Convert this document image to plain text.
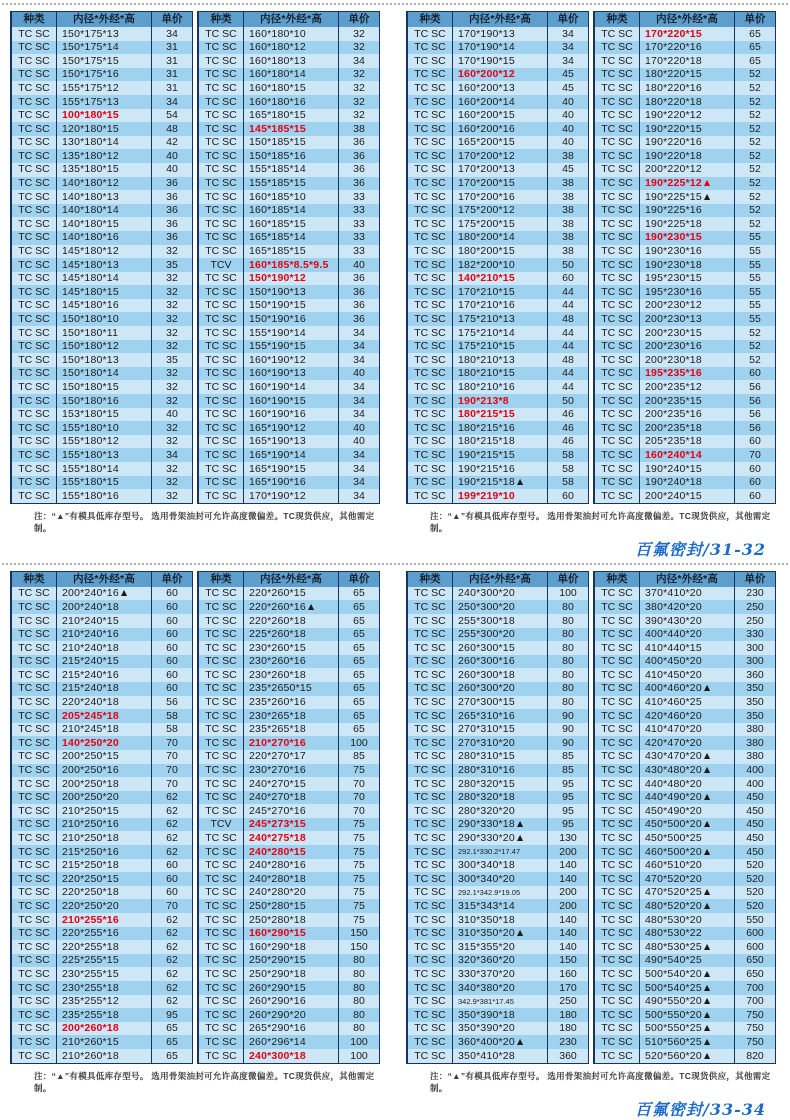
种类	内径*外经*高	单价
TC SC	150*175*13	34
TC SC	150*175*14	31
TC SC	150*175*15	31
TC SC	150*175*16	31
TC SC	155*175*12	31
TC SC	155*175*13	34
TC SC	100*180*15	54
TC SC	120*180*15	48
TC SC	130*180*14	42
TC SC	135*180*12	40
TC SC	135*180*15	40
TC SC	140*180*12	36
TC SC	140*180*13	36
TC SC	140*180*14	36
TC SC	140*180*15	36
TC SC	140*180*16	36
TC SC	145*180*12	32
TC SC	145*180*13	35
TC SC	145*180*14	32
TC SC	145*180*15	32
TC SC	145*180*16	32
TC SC	150*180*10	32
TC SC	150*180*11	32
TC SC	150*180*12	32
TC SC	150*180*13	35
TC SC	150*180*14	32
TC SC	150*180*15	32
TC SC	150*180*16	32
TC SC	153*180*15	40
TC SC	155*180*10	32
TC SC	155*180*12	32
TC SC	155*180*13	34
TC SC	155*180*14	32
TC SC	155*180*15	32
TC SC	155*180*16	32
种类	内径*外经*高	单价
TC SC	160*180*10	32
TC SC	160*180*12	32
TC SC	160*180*13	34
TC SC	160*180*14	32
TC SC	160*180*15	32
TC SC	160*180*16	32
TC SC	165*180*15	32
TC SC	145*185*15	38
TC SC	150*185*15	36
TC SC	150*185*16	36
TC SC	155*185*14	36
TC SC	155*185*15	36
TC SC	160*185*10	33
TC SC	160*185*14	33
TC SC	160*185*15	33
TC SC	165*185*14	33
TC SC	165*185*15	33
TCV	160*185*8.5*9.5	40
TC SC	150*190*12	36
TC SC	150*190*13	36
TC SC	150*190*15	36
TC SC	150*190*16	36
TC SC	155*190*14	34
TC SC	155*190*15	34
TC SC	160*190*12	34
TC SC	160*190*13	40
TC SC	160*190*14	34
TC SC	160*190*15	34
TC SC	160*190*16	34
TC SC	165*190*12	40
TC SC	165*190*13	40
TC SC	165*190*14	34
TC SC	165*190*15	34
TC SC	165*190*16	34
TC SC	170*190*12	34
注：“▲”有模具低库存型号。 选用骨架油封可允许高度微偏差。TC现货供应，其他需定制。
种类	内径*外经*高	单价
TC SC	170*190*13	34
TC SC	170*190*14	34
TC SC	170*190*15	34
TC SC	160*200*12	45
TC SC	160*200*13	45
TC SC	160*200*14	40
TC SC	160*200*15	40
TC SC	160*200*16	40
TC SC	165*200*15	40
TC SC	170*200*12	38
TC SC	170*200*13	45
TC SC	170*200*15	38
TC SC	170*200*16	38
TC SC	175*200*12	38
TC SC	175*200*15	38
TC SC	180*200*14	38
TC SC	180*200*15	38
TC SC	182*200*10	50
TC SC	140*210*15	60
TC SC	170*210*15	44
TC SC	170*210*16	44
TC SC	175*210*13	48
TC SC	175*210*14	44
TC SC	175*210*15	44
TC SC	180*210*13	48
TC SC	180*210*15	44
TC SC	180*210*16	44
TC SC	190*213*8	50
TC SC	180*215*15	46
TC SC	180*215*16	46
TC SC	180*215*18	46
TC SC	190*215*15	58
TC SC	190*215*16	58
TC SC	190*215*18▲	58
TC SC	199*219*10	60
种类	内径*外经*高	单价
TC SC	170*220*15	65
TC SC	170*220*16	65
TC SC	170*220*18	65
TC SC	180*220*15	52
TC SC	180*220*16	52
TC SC	180*220*18	52
TC SC	190*220*12	52
TC SC	190*220*15	52
TC SC	190*220*16	52
TC SC	190*220*18	52
TC SC	200*220*12	52
TC SC	190*225*12▲	52
TC SC	190*225*15▲	52
TC SC	190*225*16	52
TC SC	190*225*18	52
TC SC	190*230*15	55
TC SC	190*230*16	55
TC SC	190*230*18	55
TC SC	195*230*15	55
TC SC	195*230*16	55
TC SC	200*230*12	55
TC SC	200*230*13	55
TC SC	200*230*15	52
TC SC	200*230*16	52
TC SC	200*230*18	52
TC SC	195*235*16	60
TC SC	200*235*12	56
TC SC	200*235*15	56
TC SC	200*235*16	56
TC SC	200*235*18	56
TC SC	205*235*18	60
TC SC	160*240*14	70
TC SC	190*240*15	60
TC SC	190*240*18	60
TC SC	200*240*15	60
注：“▲”有模具低库存型号。 选用骨架油封可允许高度微偏差。TC现货供应，其他需定制。
百氟密封/31-32
种类	内径*外经*高	单价
TC SC	200*240*16▲	60
TC SC	200*240*18	60
TC SC	210*240*15	60
TC SC	210*240*16	60
TC SC	210*240*18	60
TC SC	215*240*15	60
TC SC	215*240*16	60
TC SC	215*240*18	60
TC SC	220*240*18	56
TC SC	205*245*18	58
TC SC	210*245*18	58
TC SC	140*250*20	70
TC SC	200*250*15	70
TC SC	200*250*16	70
TC SC	200*250*18	70
TC SC	200*250*20	62
TC SC	210*250*15	62
TC SC	210*250*16	62
TC SC	210*250*18	62
TC SC	215*250*16	62
TC SC	215*250*18	60
TC SC	220*250*15	60
TC SC	220*250*18	60
TC SC	220*250*20	70
TC SC	210*255*16	62
TC SC	220*255*16	62
TC SC	220*255*18	62
TC SC	225*255*15	62
TC SC	230*255*15	62
TC SC	230*255*18	62
TC SC	235*255*12	62
TC SC	235*255*18	95
TC SC	200*260*18	65
TC SC	210*260*15	65
TC SC	210*260*18	65
种类	内径*外经*高	单价
TC SC	220*260*15	65
TC SC	220*260*16▲	65
TC SC	220*260*18	65
TC SC	225*260*18	65
TC SC	230*260*15	65
TC SC	230*260*16	65
TC SC	230*260*18	65
TC SC	235*2650*15	65
TC SC	235*260*16	65
TC SC	230*265*18	65
TC SC	235*265*18	65
TC SC	210*270*16	100
TC SC	220*270*17	85
TC SC	230*270*16	75
TC SC	240*270*15	70
TC SC	240*270*18	70
TC SC	245*270*16	70
TCV	245*273*15	75
TC SC	240*275*18	75
TC SC	240*280*15	75
TC SC	240*280*16	75
TC SC	240*280*18	75
TC SC	240*280*20	75
TC SC	250*280*15	75
TC SC	250*280*18	75
TC SC	160*290*15	150
TC SC	160*290*18	150
TC SC	250*290*15	80
TC SC	250*290*18	80
TC SC	260*290*15	80
TC SC	260*290*16	80
TC SC	260*290*20	80
TC SC	265*290*16	80
TC SC	260*296*14	100
TC SC	240*300*18	100
注：“▲”有模具低库存型号。 选用骨架油封可允许高度微偏差。TC现货供应，其他需定制。
种类	内径*外经*高	单价
TC SC	240*300*20	100
TC SC	250*300*20	80
TC SC	255*300*18	80
TC SC	255*300*20	80
TC SC	260*300*15	80
TC SC	260*300*16	80
TC SC	260*300*18	80
TC SC	260*300*20	80
TC SC	270*300*15	80
TC SC	265*310*16	90
TC SC	270*310*15	90
TC SC	270*310*20	90
TC SC	280*310*15	85
TC SC	280*310*16	85
TC SC	280*320*15	95
TC SC	280*320*18	95
TC SC	280*320*20	95
TC SC	290*330*18▲	95
TC SC	290*330*20▲	130
TC SC	292.1*330.2*17.47	200
TC SC	300*340*18	140
TC SC	300*340*20	140
TC SC	292.1*342.9*19.05	200
TC SC	315*343*14	200
TC SC	310*350*18	140
TC SC	310*350*20▲	140
TC SC	315*355*20	140
TC SC	320*360*20	150
TC SC	330*370*20	160
TC SC	340*380*20	170
TC SC	342.9*381*17.45	250
TC SC	350*390*18	180
TC SC	350*390*20	180
TC SC	360*400*20▲	230
TC SC	350*410*28	360
种类	内径*外经*高	单价
TC SC	370*410*20	230
TC SC	380*420*20	250
TC SC	390*430*20	250
TC SC	400*440*20	330
TC SC	410*440*15	300
TC SC	400*450*20	300
TC SC	410*450*20	360
TC SC	400*460*20▲	350
TC SC	410*460*25	350
TC SC	420*460*20	350
TC SC	410*470*20	380
TC SC	420*470*20	380
TC SC	430*470*20▲	380
TC SC	430*480*20▲	400
TC SC	440*480*20	400
TC SC	440*490*20▲	450
TC SC	450*490*20	450
TC SC	450*500*20▲	450
TC SC	450*500*25	450
TC SC	460*500*20▲	450
TC SC	460*510*20	520
TC SC	470*520*20	520
TC SC	470*520*25▲	520
TC SC	480*520*20▲	520
TC SC	480*530*20	550
TC SC	480*530*22	600
TC SC	480*530*25▲	600
TC SC	490*540*25	650
TC SC	500*540*20▲	650
TC SC	500*540*25▲	700
TC SC	490*550*20▲	700
TC SC	500*550*20▲	750
TC SC	500*550*25▲	750
TC SC	510*560*25▲	750
TC SC	520*560*20▲	820
注：“▲”有模具低库存型号。 选用骨架油封可允许高度微偏差。TC现货供应，其他需定制。
百氟密封/33-34
